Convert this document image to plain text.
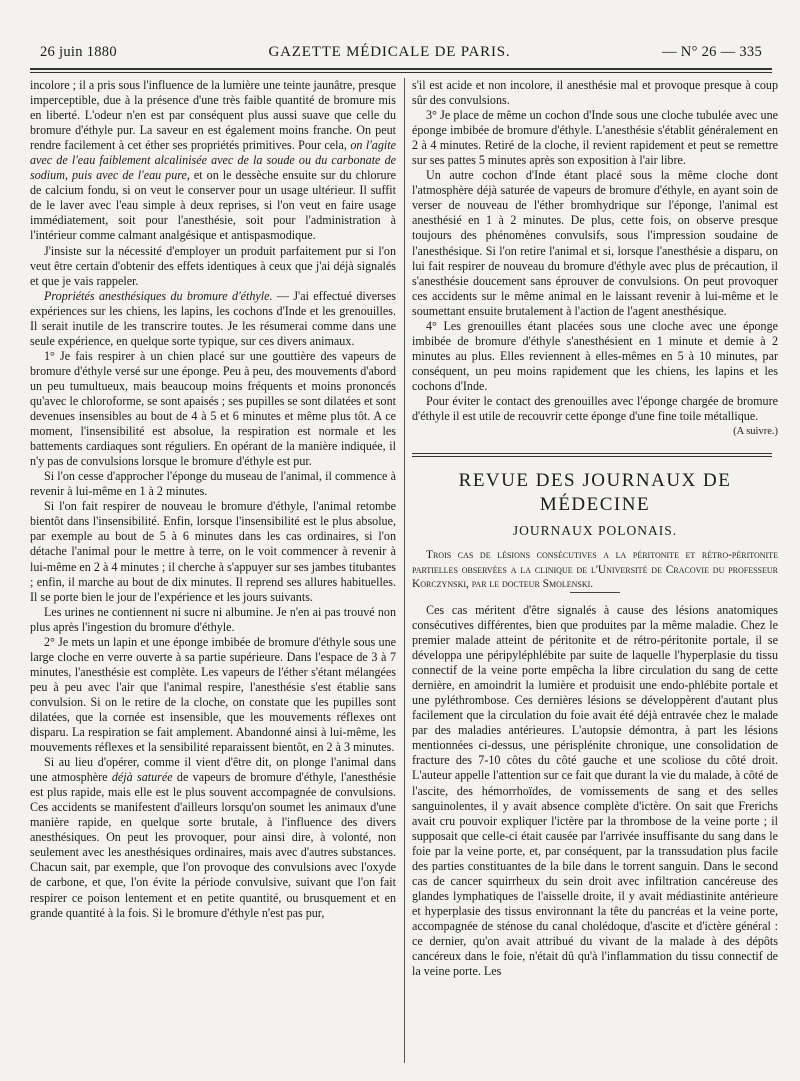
26 juin 1880	GAZETTE MÉDICALE DE PARIS.	— N° 26 — 335

incolore ; il a pris sous l'influence de la lumière une teinte jaunâtre, presque imperceptible, due à la présence d'une très faible quantité de bromure mis en liberté. L'odeur n'en est par conséquent plus aussi suave que celle du bromure d'éthyle pur. La saveur en est également moins franche. On peut rendre facilement à cet éther ses propriétés primitives. Pour cela, on l'agite avec de l'eau faiblement alcalinisée avec de la soude ou du carbonate de sodium, puis avec de l'eau pure, et on le dessèche ensuite sur du chlorure de calcium fondu, si on veut le conserver pour un usage ultérieur. Il suffit de le laver avec l'eau simple à deux reprises, si l'on veut en faire usage immédiatement, soit pour l'anesthésie, soit pour l'administration à l'intérieur comme calmant analgésique et antispasmodique.

J'insiste sur la nécessité d'employer un produit parfaitement pur si l'on veut être certain d'obtenir des effets identiques à ceux que j'ai déjà signalés et que je vais rappeler.

Propriétés anesthésiques du bromure d'éthyle. — J'ai effectué diverses expériences sur les chiens, les lapins, les cochons d'Inde et les grenouilles. Il serait inutile de les transcrire toutes. Je les résumerai comme dans une seule expérience, en quelque sorte typique, sur ces divers animaux.

1° Je fais respirer à un chien placé sur une gouttière des vapeurs de bromure d'éthyle versé sur une éponge. Peu à peu, des mouvements d'abord un peu tumultueux, mais beaucoup moins fréquents et moins prononcés qu'avec le chloroforme, se sont apaisés ; ses pupilles se sont dilatées et sont devenues insensibles au bout de 4 à 5 et 6 minutes et même plus tôt. A ce moment, l'insensibilité est absolue, la respiration est normale et les battements cardiaques sont réguliers. En opérant de la manière indiquée, il n'y pas de convulsions lorsque le bromure d'éthyle est pur.

Si l'on cesse d'approcher l'éponge du museau de l'animal, il commence à revenir à lui-même en 1 à 2 minutes.

Si l'on fait respirer de nouveau le bromure d'éthyle, l'animal retombe bientôt dans l'insensibilité. Enfin, lorsque l'insensibilité est le plus absolue, par exemple au bout de 5 à 6 minutes dans les cas ordinaires, si l'on détache l'animal pour le mettre à terre, on le voit commencer à revenir à lui-même en 2 à 4 minutes ; il cherche à s'appuyer sur ses jambes titubantes ; enfin, il marche au bout de dix minutes. Il reprend ses allures habituelles. Il se porte bien le jour de l'expérience et les jours suivants.

Les urines ne contiennent ni sucre ni albumine. Je n'en ai pas trouvé non plus après l'ingestion du bromure d'éthyle.

2° Je mets un lapin et une éponge imbibée de bromure d'éthyle sous une large cloche en verre ouverte à sa partie supérieure. Dans l'espace de 3 à 7 minutes, l'anesthésie est complète. Les vapeurs de l'éther s'étant mélangées peu à peu avec l'air que l'animal respire, l'anesthésie s'est établie sans convulsion. Si on le retire de la cloche, on constate que les pupilles sont dilatées, que la cornée est insensible, que les mouvements réflexes ont disparu. La respiration se fait amplement. Abandonné ainsi à lui-même, les mouvements réflexes et la sensibilité reparaissent bientôt, en 2 à 3 minutes.

Si au lieu d'opérer, comme il vient d'être dit, on plonge l'animal dans une atmosphère déjà saturée de vapeurs de bromure d'éthyle, l'anesthésie est plus rapide, mais elle est le plus souvent accompagnée de convulsions. Ces accidents se manifestent d'ailleurs lorsqu'on soumet les animaux d'une manière rapide, en quelque sorte brutale, à l'influence des divers anesthésiques. On peut les provoquer, pour ainsi dire, à volonté, non seulement avec les anesthésiques ordinaires, mais avec d'autres substances. Chacun sait, par exemple, que l'on provoque des convulsions avec l'oxyde de carbone, et que, l'on évite la période convulsive, suivant que l'on fait respirer ce poison lentement et en petite quantité, ou brusquement et en grande quantité à la fois. Si le bromure d'éthyle n'est pas pur,

s'il est acide et non incolore, il anesthésie mal et provoque presque à coup sûr des convulsions.

3° Je place de même un cochon d'Inde sous une cloche tubulée avec une éponge imbibée de bromure d'éthyle. L'anesthésie s'établit généralement en 2 à 4 minutes. Retiré de la cloche, il revient rapidement et peut se remettre sur ses pattes 5 minutes après son exposition à l'air libre.

Un autre cochon d'Inde étant placé sous la même cloche dont l'atmosphère déjà saturée de vapeurs de bromure d'éthyle, en ayant soin de verser de nouveau de l'éther bromhydrique sur l'éponge, l'animal est anesthésié en 1 à 2 minutes. De plus, cette fois, on observe presque toujours des phénomènes convulsifs, sous l'impression soudaine de l'anesthésique. Si l'on retire l'animal et si, lorsque l'anesthésie a disparu, on lui fait respirer de nouveau du bromure d'éthyle avec plus de précaution, il s'anesthésie doucement sans éprouver de convulsions. On peut provoquer ces accidents sur le même animal en le laissant revenir à lui-même et le soumettant ensuite brutalement à l'action de l'agent anesthésique.

4° Les grenouilles étant placées sous une cloche avec une éponge imbibée de bromure d'éthyle s'anesthésient en 1 minute et demie à 2 minutes au plus. Elles reviennent à elles-mêmes en 5 à 10 minutes, par conséquent, un peu moins rapidement que les chiens, les lapins et les cochons d'Inde.

Pour éviter le contact des grenouilles avec l'éponge chargée de bromure d'éthyle il est utile de recouvrir cette éponge d'une fine toile métallique.

(A suivre.)

REVUE DES JOURNAUX DE MÉDECINE
JOURNAUX POLONAIS.

Trois cas de lésions consécutives a la péritonite et rétro-péritonite partielles observées a la clinique de l'Université de Cracovie du professeur Korczynski, par le docteur Smolenski.

Ces cas méritent d'être signalés à cause des lésions anatomiques consécutives différentes, bien que produites par la même maladie. Chez le premier malade atteint de péritonite et de rétro-péritonite portale, il se développa une péripyléphlébite par suite de laquelle l'hyperplasie du tissu connectif de la veine porte empêcha la libre circulation du sang de cette dernière, en amoindrit la lumière et produisit une endo-phlébite portale et une pyléthrombose. Ces dernières lésions se développèrent d'autant plus facilement que la circulation du foie avait été déjà entravée chez le malade par des maladies antérieures. L'autopsie démontra, à part les lésions mentionnées ci-dessus, une périsplénite chronique, une consolidation de fracture des 7-10 côtes du côté gauche et une scoliose du côté droit. L'auteur appelle l'attention sur ce fait que durant la vie du malade, à côté de l'ascite, des hémorrhoïdes, de vomissements de sang et des selles sanguinolentes, il y avait absence complète d'ictère. On sait que Frerichs avait cru pouvoir expliquer l'ictère par la thrombose de la veine porte ; il supposait que celle-ci était causée par l'arrivée insuffisante du sang dans le foie par la veine porte, et, par conséquent, par la transsudation plus facile des parties constituantes de la bile dans le torrent sanguin. Dans le second cas de cancer squirrheux du sein droit avec infiltration cancéreuse des glandes lymphatiques de l'aisselle droite, il y avait médiastinite antérieure et hyperplasie des tissus environnant la tête du pancréas et la veine porte, accompagnée de sténose du canal cholédoque, d'ascite et d'ictère général : ce dernier, qu'on avait attribué du vivant de la malade à des dépôts cancéreux dans le foie, n'était dû qu'à l'inflammation du tissu connectif de la veine porte. Les
